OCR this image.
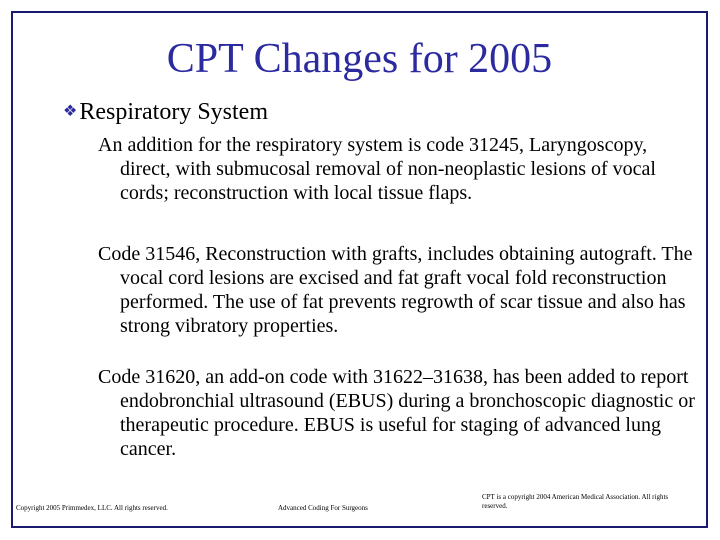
CPT Changes for 2005
❖Respiratory System

An addition for the respiratory system is code 31245, Laryngoscopy, direct, with submucosal removal of non-neoplastic lesions of vocal cords; reconstruction with local tissue flaps.

Code 31546, Reconstruction with grafts, includes obtaining autograft. The vocal cord lesions are excised and fat graft vocal fold reconstruction performed. The use of fat prevents regrowth of scar tissue and also has strong vibratory properties.

Code 31620, an add-on code with 31622–31638, has been added to report endobronchial ultrasound (EBUS) during a bronchoscopic diagnostic or therapeutic procedure. EBUS is useful for staging of advanced lung cancer.

Copyright 2005 Primmedex, LLC. All rights reserved.	Advanced Coding For Surgeons
CPT is a copyright 2004 American Medical Association. All rights reserved.
